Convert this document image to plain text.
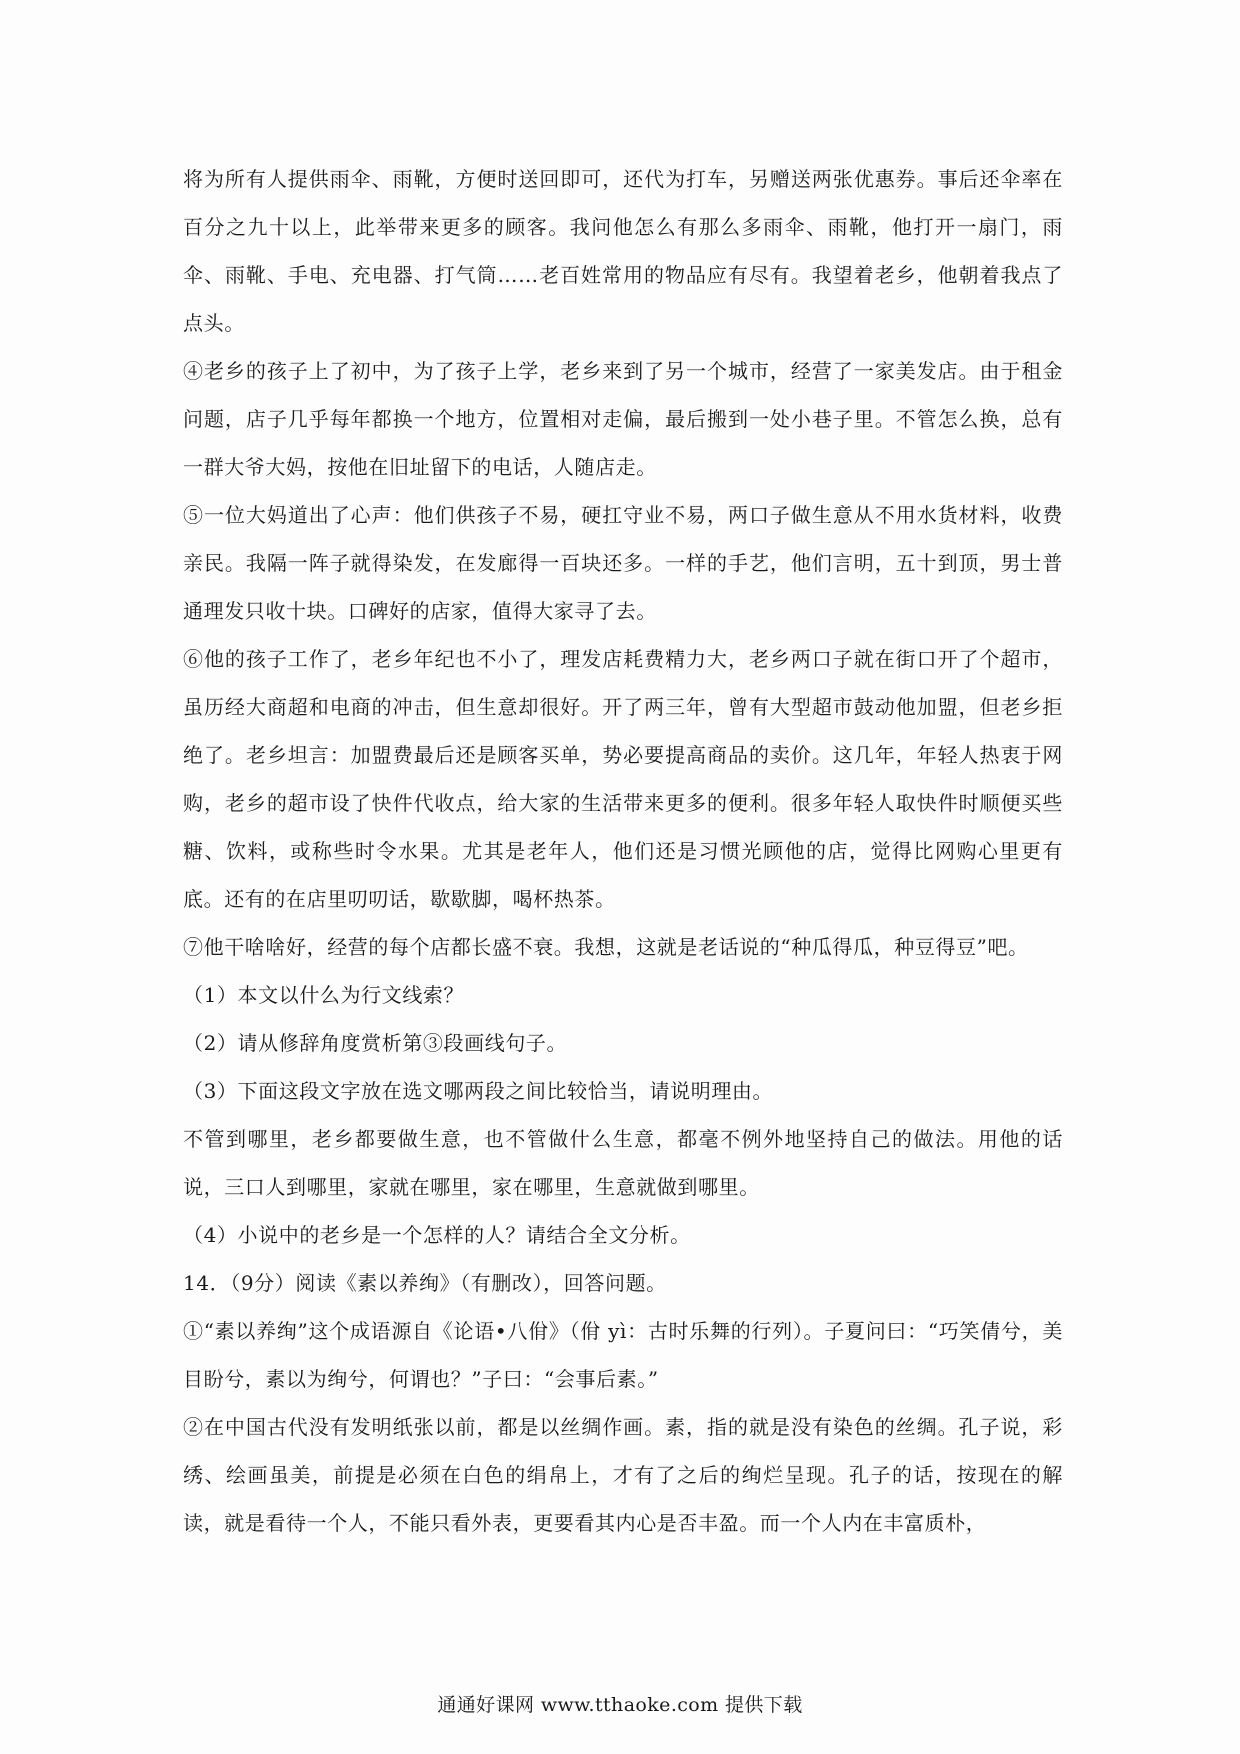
将为所有人提供雨伞、雨靴，方便时送回即可，还代为打车，另赠送两张优惠券。事后还伞率在百分之九十以上，此举带来更多的顾客。我问他怎么有那么多雨伞、雨靴，他打开一扇门，雨伞、雨靴、手电、充电器、打气筒……老百姓常用的物品应有尽有。我望着老乡，他朝着我点了点头。

④老乡的孩子上了初中，为了孩子上学，老乡来到了另一个城市，经营了一家美发店。由于租金问题，店子几乎每年都换一个地方，位置相对走偏，最后搬到一处小巷子里。不管怎么换，总有一群大爷大妈，按他在旧址留下的电话，人随店走。

⑤一位大妈道出了心声：他们供孩子不易，硬扛守业不易，两口子做生意从不用水货材料，收费亲民。我隔一阵子就得染发，在发廊得一百块还多。一样的手艺，他们言明，五十到顶，男士普通理发只收十块。口碑好的店家，值得大家寻了去。

⑥他的孩子工作了，老乡年纪也不小了，理发店耗费精力大，老乡两口子就在街口开了个超市，虽历经大商超和电商的冲击，但生意却很好。开了两三年，曾有大型超市鼓动他加盟，但老乡拒绝了。老乡坦言：加盟费最后还是顾客买单，势必要提高商品的卖价。这几年，年轻人热衷于网购，老乡的超市设了快件代收点，给大家的生活带来更多的便利。很多年轻人取快件时顺便买些糖、饮料，或称些时令水果。尤其是老年人，他们还是习惯光顾他的店，觉得比网购心里更有底。还有的在店里叨叨话，歇歇脚，喝杯热茶。

⑦他干啥啥好，经营的每个店都长盛不衰。我想，这就是老话说的“种瓜得瓜，种豆得豆”吧。

（1）本文以什么为行文线索？

（2）请从修辞角度赏析第③段画线句子。

（3）下面这段文字放在选文哪两段之间比较恰当，请说明理由。

不管到哪里，老乡都要做生意，也不管做什么生意，都毫不例外地坚持自己的做法。用他的话说，三口人到哪里，家就在哪里，家在哪里，生意就做到哪里。

（4）小说中的老乡是一个怎样的人？请结合全文分析。

14．（9分）阅读《素以养绚》（有删改），回答问题。

①“素以养绚”这个成语源自《论语•八佾》（佾 yì：古时乐舞的行列）。子夏问曰：“巧笑倩兮，美目盼兮，素以为绚兮，何谓也？”子曰：“会事后素。”

②在中国古代没有发明纸张以前，都是以丝绸作画。素，指的就是没有染色的丝绸。孔子说，彩绣、绘画虽美，前提是必须在白色的绢帛上，才有了之后的绚烂呈现。孔子的话，按现在的解读，就是看待一个人，不能只看外表，更要看其内心是否丰盈。而一个人内在丰富质朴，

通通好课网 www.tthaoke.com 提供下载
